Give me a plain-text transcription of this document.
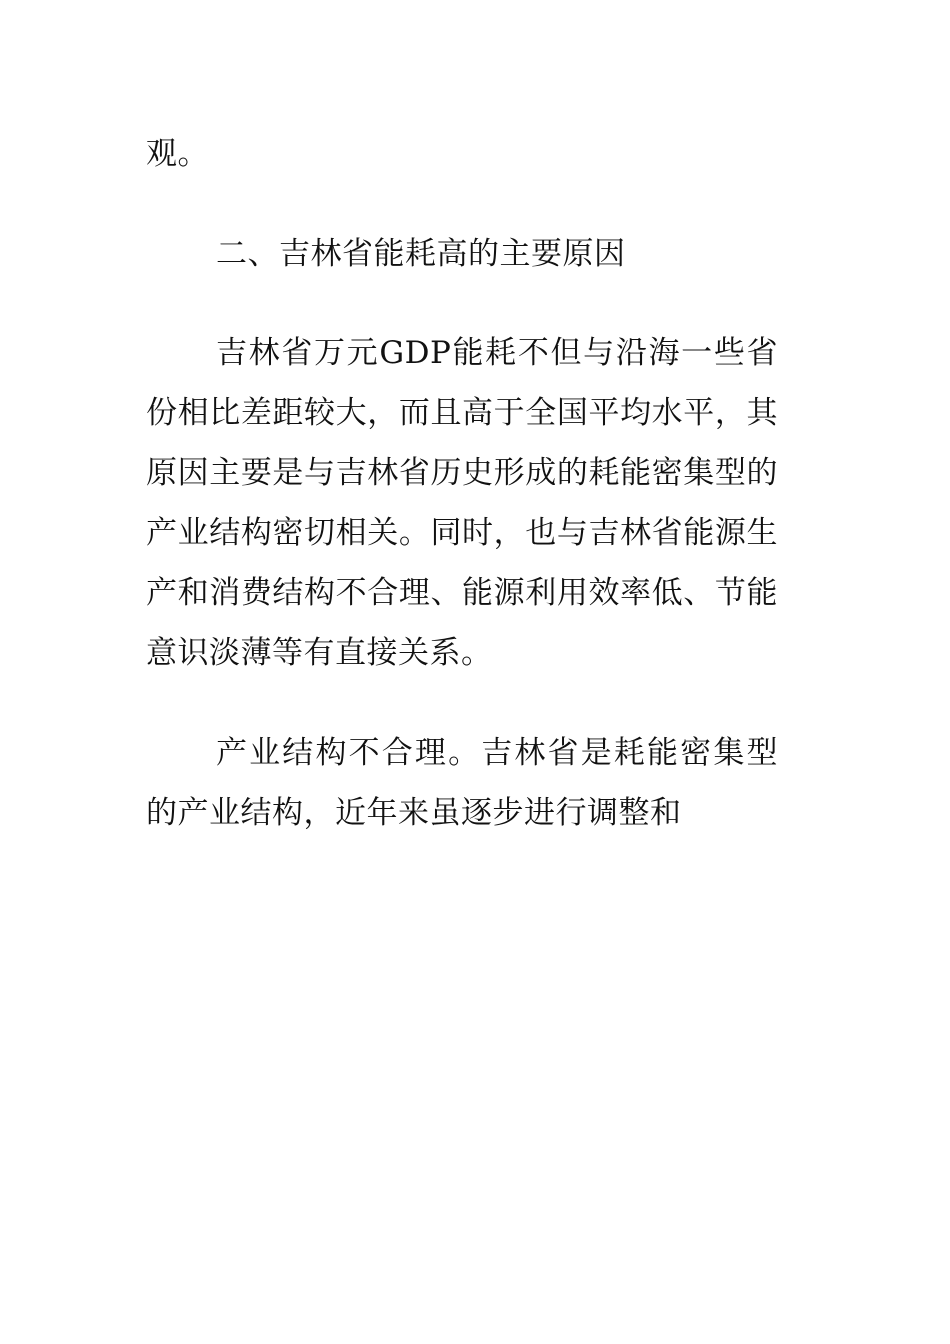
观。

二、吉林省能耗高的主要原因

吉林省万元GDP能耗不但与沿海一些省份相比差距较大，而且高于全国平均水平，其原因主要是与吉林省历史形成的耗能密集型的产业结构密切相关。同时，也与吉林省能源生产和消费结构不合理、能源利用效率低、节能意识淡薄等有直接关系。

产业结构不合理。吉林省是耗能密集型的产业结构，近年来虽逐步进行调整和
